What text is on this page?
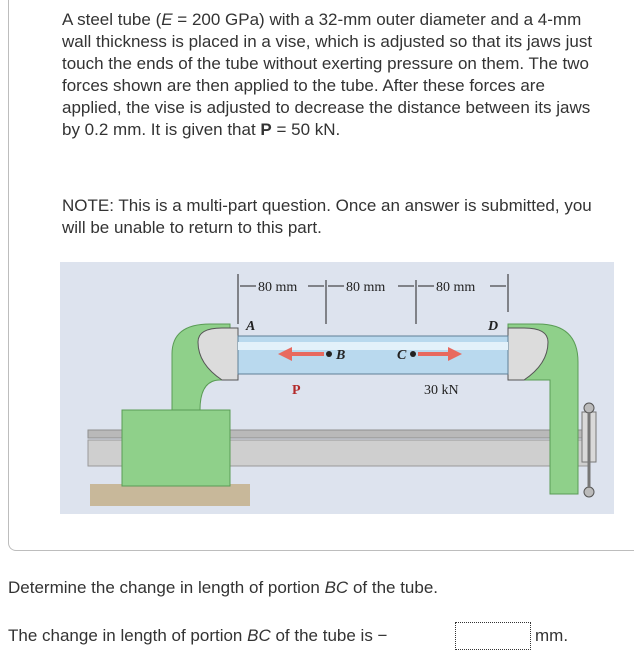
A steel tube (E = 200 GPa) with a 32-mm outer diameter and a 4-mm wall thickness is placed in a vise, which is adjusted so that its jaws just touch the ends of the tube without exerting pressure on them. The two forces shown are then applied to the tube. After these forces are applied, the vise is adjusted to decrease the distance between its jaws by 0.2 mm. It is given that P = 50 kN.

NOTE: This is a multi-part question. Once an answer is submitted, you will be unable to return to this part.
80 mm	80 mm	80 mm
A	D
B	C
P	30 kN
Determine the change in length of portion BC of the tube.
The change in length of portion BC of the tube is −	mm.
